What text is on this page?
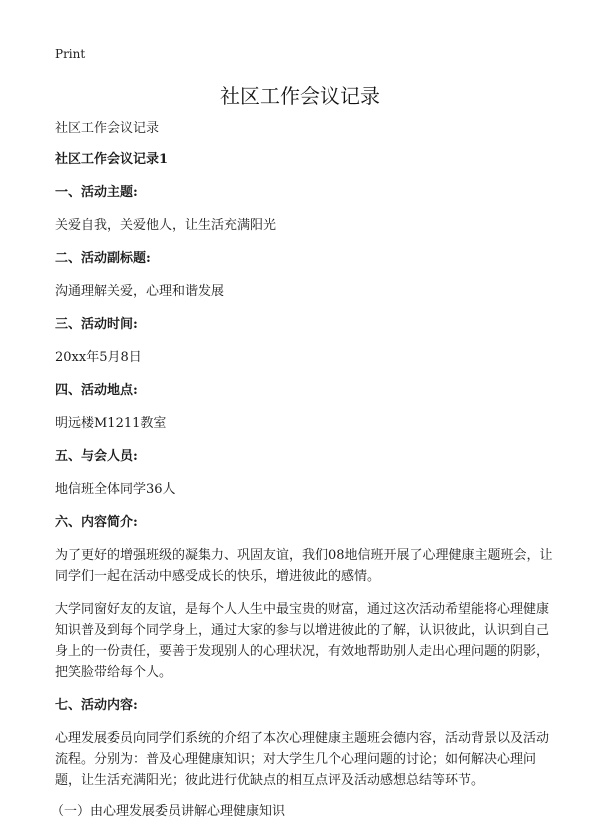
Print
社区工作会议记录

社区工作会议记录

社区工作会议记录1

一、活动主题:

关爱自我，关爱他人，让生活充满阳光

二、活动副标题:

沟通理解关爱，心理和谐发展

三、活动时间:

20xx年5月8日

四、活动地点:

明远楼M1211教室

五、与会人员:

地信班全体同学36人

六、内容简介:

为了更好的增强班级的凝集力、巩固友谊，我们08地信班开展了心理健康主题班会，让同学们一起在活动中感受成长的快乐，增进彼此的感情。

大学同窗好友的友谊，是每个人人生中最宝贵的财富，通过这次活动希望能将心理健康知识普及到每个同学身上，通过大家的参与以增进彼此的了解，认识彼此，认识到自己身上的一份责任，要善于发现别人的心理状况，有效地帮助别人走出心理问题的阴影，把笑脸带给每个人。

七、活动内容:

心理发展委员向同学们系统的介绍了本次心理健康主题班会德内容，活动背景以及活动流程。分别为：普及心理健康知识；对大学生几个心理问题的讨论；如何解决心理问题，让生活充满阳光；彼此进行优缺点的相互点评及活动感想总结等环节。

（一）由心理发展委员讲解心理健康知识
